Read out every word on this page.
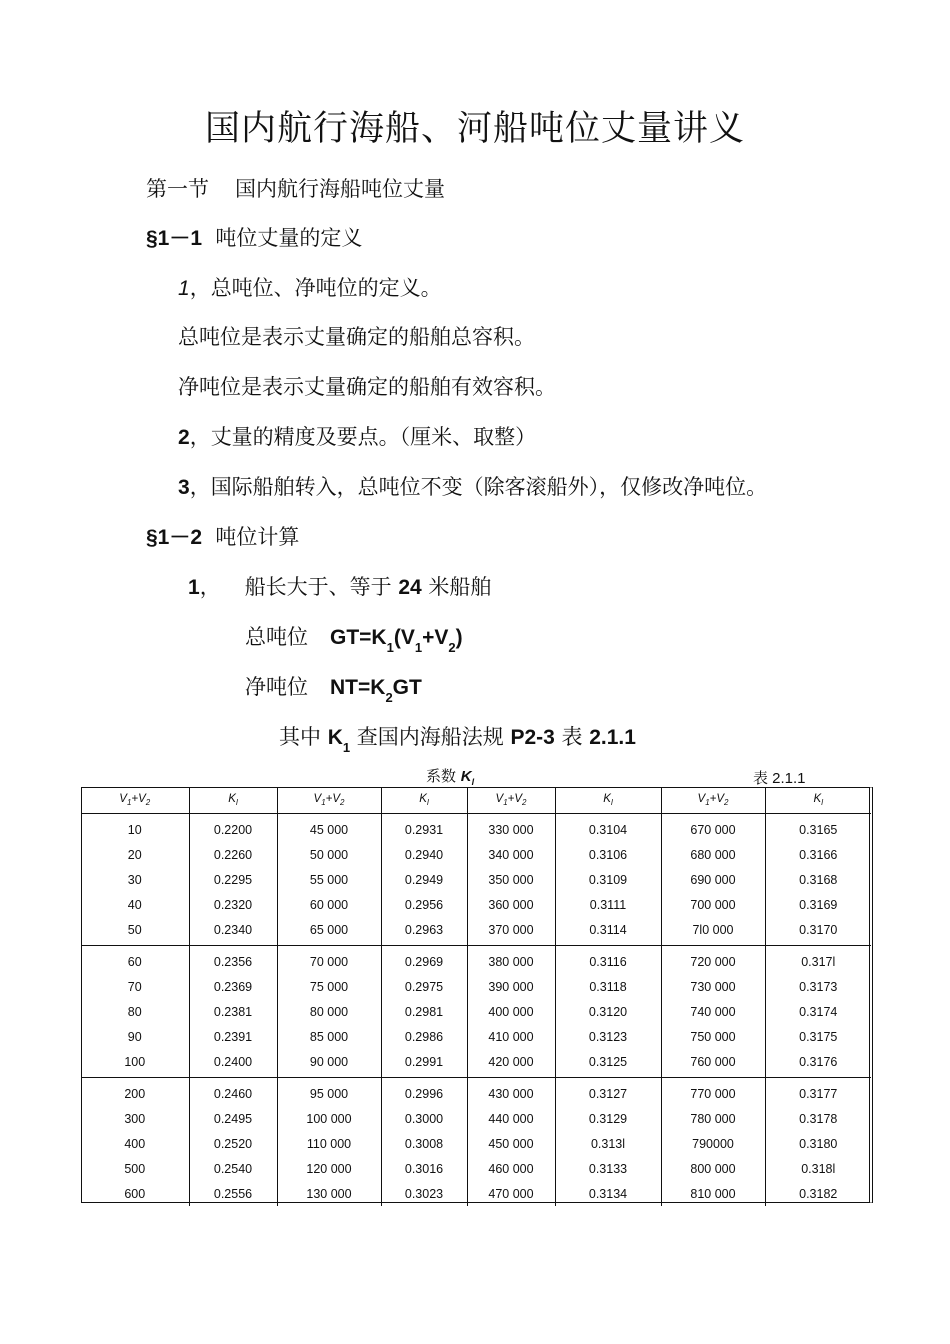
国内航行海船、河船吨位丈量讲义
第一节 国内航行海船吨位丈量
§1－1 吨位丈量的定义
1，总吨位、净吨位的定义。
总吨位是表示丈量确定的船舶总容积。
净吨位是表示丈量确定的船舶有效容积。
2，丈量的精度及要点。（厘米、取整）
3，国际船舶转入，总吨位不变（除客滚船外），仅修改净吨位。
§1－2 吨位计算
1， 船长大于、等于 24 米船舶
总吨位 $GT=K_1(V_1+V_2)$
净吨位 $NT=K_2GT$
其中 $K_1$ 查国内海船法规 P2-3 表 2.1.1
系数 $K_l$	表 2.1.1
$V_1+V_2$	$K_l$	$V_1+V_2$	$K_l$	$V_1+V_2$	$K_l$	$V_1+V_2$	$K_l$
10	0.2200	45 000	0.2931	330 000	0.3104	670 000	0.3165
20	0.2260	50 000	0.2940	340 000	0.3106	680 000	0.3166
30	0.2295	55 000	0.2949	350 000	0.3109	690 000	0.3168
40	0.2320	60 000	0.2956	360 000	0.3111	700 000	0.3169
50	0.2340	65 000	0.2963	370 000	0.3114	7l0 000	0.3170
60	0.2356	70 000	0.2969	380 000	0.3116	720 000	0.317l
70	0.2369	75 000	0.2975	390 000	0.3118	730 000	0.3173
80	0.2381	80 000	0.2981	400 000	0.3120	740 000	0.3174
90	0.2391	85 000	0.2986	410 000	0.3123	750 000	0.3175
100	0.2400	90 000	0.2991	420 000	0.3125	760 000	0.3176
200	0.2460	95 000	0.2996	430 000	0.3127	770 000	0.3177
300	0.2495	100 000	0.3000	440 000	0.3129	780 000	0.3178
400	0.2520	110 000	0.3008	450 000	0.313l	790000	0.3180
500	0.2540	120 000	0.3016	460 000	0.3133	800 000	0.318l
600	0.2556	130 000	0.3023	470 000	0.3134	810 000	0.3182
